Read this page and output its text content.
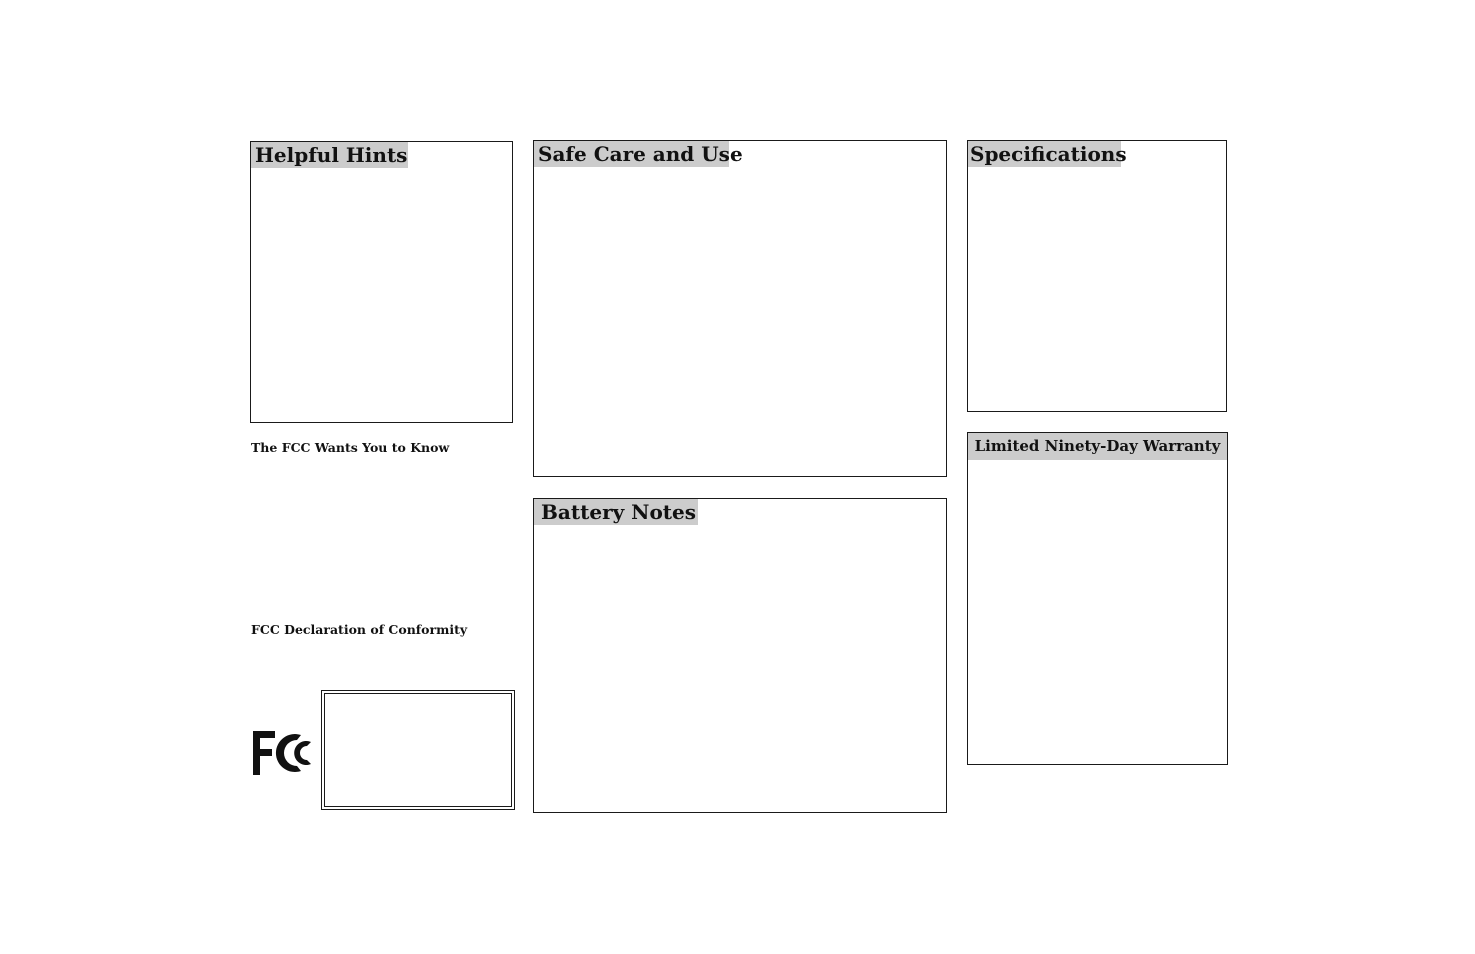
Helpful Hints
The FCC Wants You to Know
FCC Declaration of Conformity
Safe Care and Use
Battery Notes
Specifications
Limited Ninety-Day Warranty
